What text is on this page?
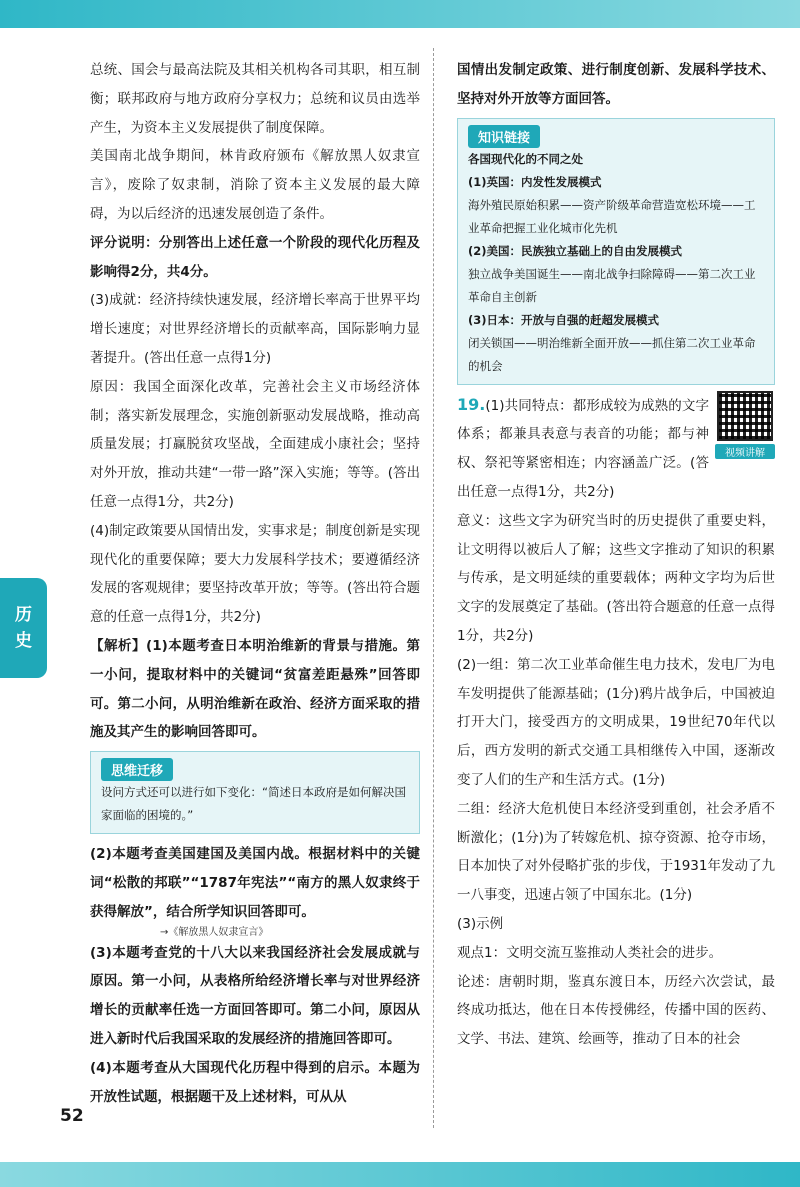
历
史

总统、国会与最高法院及其相关机构各司其职，相互制衡；联邦政府与地方政府分享权力；总统和议员由选举产生，为资本主义发展提供了制度保障。

美国南北战争期间，林肯政府颁布《解放黑人奴隶宣言》，废除了奴隶制，消除了资本主义发展的最大障碍，为以后经济的迅速发展创造了条件。

评分说明：分别答出上述任意一个阶段的现代化历程及影响得2分，共4分。

(3)成就：经济持续快速发展，经济增长率高于世界平均增长速度；对世界经济增长的贡献率高，国际影响力显著提升。(答出任意一点得1分)

原因：我国全面深化改革，完善社会主义市场经济体制；落实新发展理念，实施创新驱动发展战略，推动高质量发展；打赢脱贫攻坚战，全面建成小康社会；坚持对外开放，推动共建“一带一路”深入实施；等等。(答出任意一点得1分，共2分)

(4)制定政策要从国情出发，实事求是；制度创新是实现现代化的重要保障；要大力发展科学技术；要遵循经济发展的客观规律；要坚持改革开放；等等。(答出符合题意的任意一点得1分，共2分)

【解析】(1)本题考查日本明治维新的背景与措施。第一小问，提取材料中的关键词“贫富差距悬殊”回答即可。第二小问，从明治维新在政治、经济方面采取的措施及其产生的影响回答即可。

思维迁移

设问方式还可以进行如下变化：“简述日本政府是如何解决国家面临的困境的。”

(2)本题考查美国建国及美国内战。根据材料中的关键词“松散的邦联”“1787年宪法”“南方的黑人奴隶终于获得解放”，结合所学知识回答即可。

→《解放黑人奴隶宣言》

(3)本题考查党的十八大以来我国经济社会发展成就与原因。第一小问，从表格所给经济增长率与对世界经济增长的贡献率任选一方面回答即可。第二小问，原因从进入新时代后我国采取的发展经济的措施回答即可。

(4)本题考查从大国现代化历程中得到的启示。本题为开放性试题，根据题干及上述材料，可从从

国情出发制定政策、进行制度创新、发展科学技术、坚持对外开放等方面回答。

知识链接

各国现代化的不同之处

(1)英国：内发性发展模式

海外殖民原始积累——资产阶级革命营造宽松环境——工业革命把握工业化城市化先机

(2)美国：民族独立基础上的自由发展模式

独立战争美国诞生——南北战争扫除障碍——第二次工业革命自主创新

(3)日本：开放与自强的赶超发展模式

闭关锁国——明治维新全面开放——抓住第二次工业革命的机会

视频讲解

19.(1)共同特点：都形成较为成熟的文字体系；都兼具表意与表音的功能；都与神权、祭祀等紧密相连；内容涵盖广泛。(答出任意一点得1分，共2分)

意义：这些文字为研究当时的历史提供了重要史料，让文明得以被后人了解；这些文字推动了知识的积累与传承，是文明延续的重要载体；两种文字均为后世文字的发展奠定了基础。(答出符合题意的任意一点得1分，共2分)

(2)一组：第二次工业革命催生电力技术，发电厂为电车发明提供了能源基础；(1分)鸦片战争后，中国被迫打开大门，接受西方的文明成果，19世纪70年代以后，西方发明的新式交通工具相继传入中国，逐渐改变了人们的生产和生活方式。(1分)

二组：经济大危机使日本经济受到重创，社会矛盾不断激化；(1分)为了转嫁危机、掠夺资源、抢夺市场，日本加快了对外侵略扩张的步伐，于1931年发动了九一八事变，迅速占领了中国东北。(1分)

(3)示例

观点1：文明交流互鉴推动人类社会的进步。

论述：唐朝时期，鉴真东渡日本，历经六次尝试，最终成功抵达，他在日本传授佛经，传播中国的医药、文学、书法、建筑、绘画等，推动了日本的社会

52
